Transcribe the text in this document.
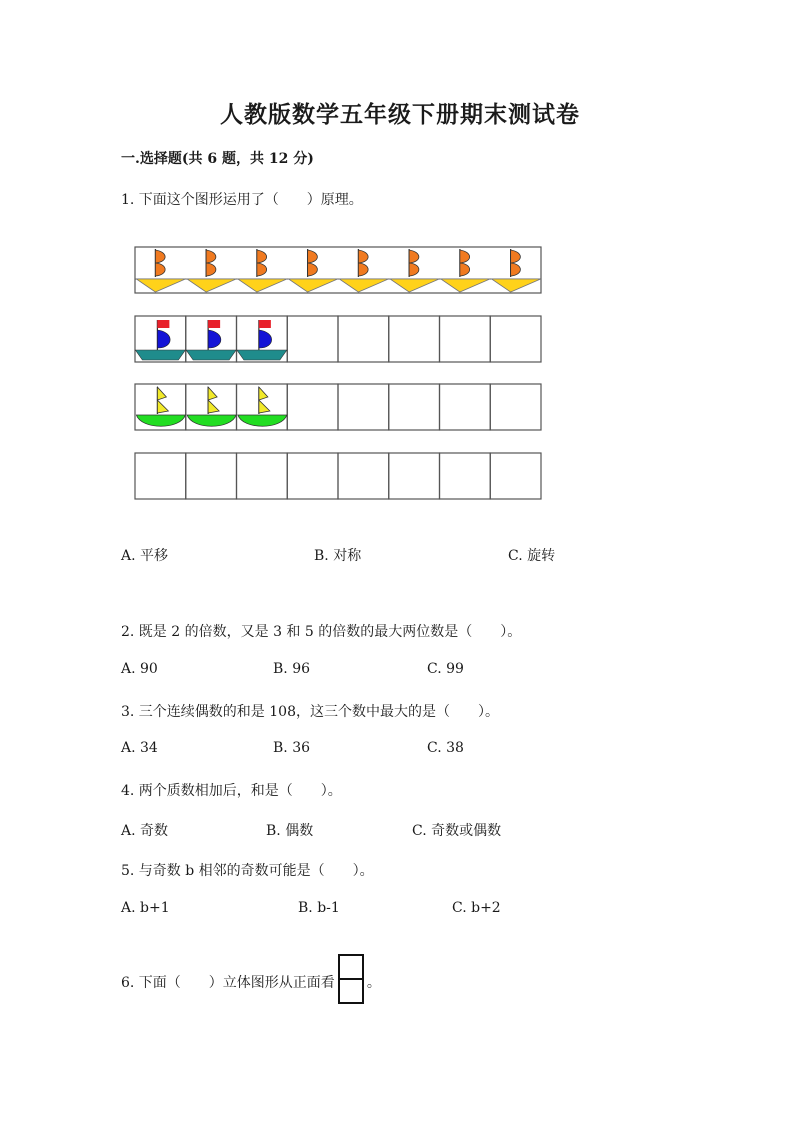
人教版数学五年级下册期末测试卷
一.选择题(共 6 题，共 12 分)
1. 下面这个图形运用了（　　）原理。
A. 平移	B. 对称	C. 旋转
2. 既是 2 的倍数，又是 3 和 5 的倍数的最大两位数是（　　）。
A. 90	B. 96	C. 99
3. 三个连续偶数的和是 108，这三个数中最大的是（　　）。
A. 34	B. 36	C. 38
4. 两个质数相加后，和是（　　）。
A. 奇数	B. 偶数	C. 奇数或偶数
5. 与奇数 b 相邻的奇数可能是（　　）。
A. b+1	B. b-1	C. b+2
6. 下面（　　）立体图形从正面看 。
